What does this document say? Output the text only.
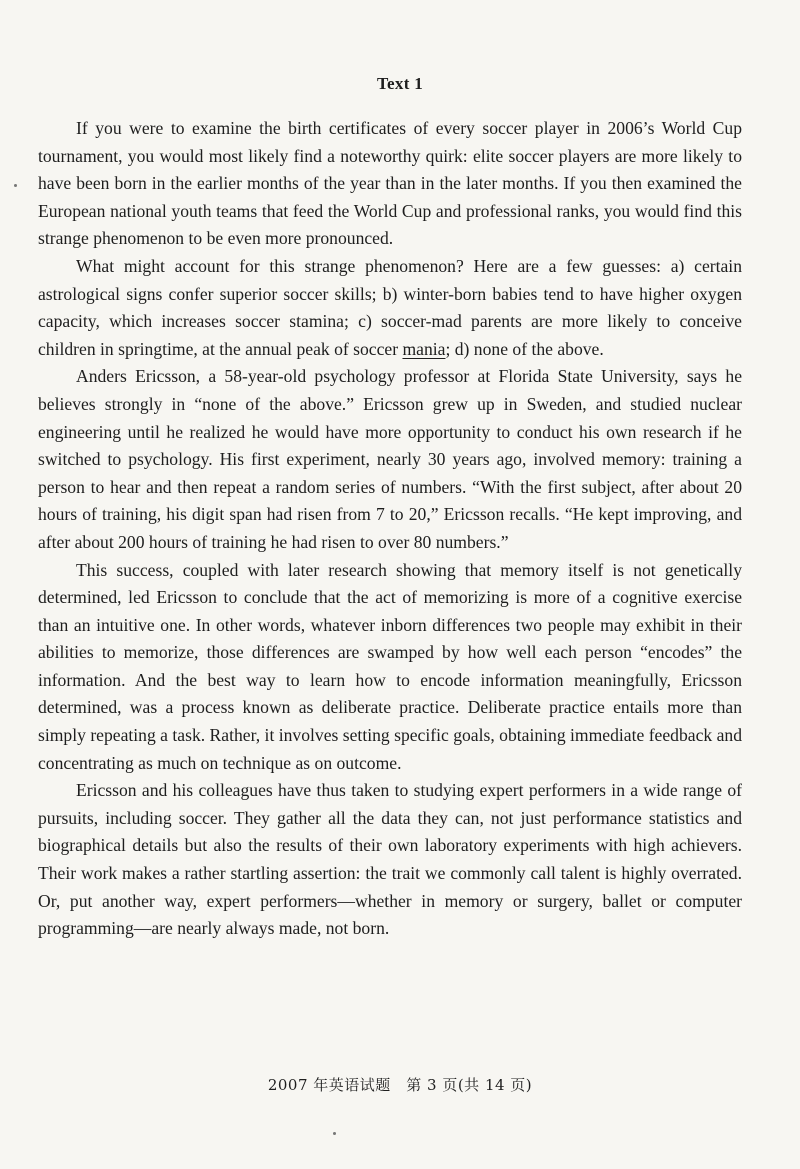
Text 1

If you were to examine the birth certificates of every soccer player in 2006’s World Cup tournament, you would most likely find a noteworthy quirk: elite soccer players are more likely to have been born in the earlier months of the year than in the later months. If you then examined the European national youth teams that feed the World Cup and professional ranks, you would find this strange phenomenon to be even more pronounced.

What might account for this strange phenomenon? Here are a few guesses: a) certain astrological signs confer superior soccer skills; b) winter-born babies tend to have higher oxygen capacity, which increases soccer stamina; c) soccer-mad parents are more likely to conceive children in springtime, at the annual peak of soccer mania; d) none of the above.

Anders Ericsson, a 58-year-old psychology professor at Florida State University, says he believes strongly in “none of the above.” Ericsson grew up in Sweden, and studied nuclear engineering until he realized he would have more opportunity to conduct his own research if he switched to psychology. His first experiment, nearly 30 years ago, involved memory: training a person to hear and then repeat a random series of numbers. “With the first subject, after about 20 hours of training, his digit span had risen from 7 to 20,” Ericsson recalls. “He kept improving, and after about 200 hours of training he had risen to over 80 numbers.”

This success, coupled with later research showing that memory itself is not genetically determined, led Ericsson to conclude that the act of memorizing is more of a cognitive exercise than an intuitive one. In other words, whatever inborn differences two people may exhibit in their abilities to memorize, those differences are swamped by how well each person “encodes” the information. And the best way to learn how to encode information meaningfully, Ericsson determined, was a process known as deliberate practice. Deliberate practice entails more than simply repeating a task. Rather, it involves setting specific goals, obtaining immediate feedback and concentrating as much on technique as on outcome.

Ericsson and his colleagues have thus taken to studying expert performers in a wide range of pursuits, including soccer. They gather all the data they can, not just performance statistics and biographical details but also the results of their own laboratory experiments with high achievers. Their work makes a rather startling assertion: the trait we commonly call talent is highly overrated. Or, put another way, expert performers—whether in memory or surgery, ballet or computer programming—are nearly always made, not born.

2007 年英语试题　第 3 页(共 14 页)
